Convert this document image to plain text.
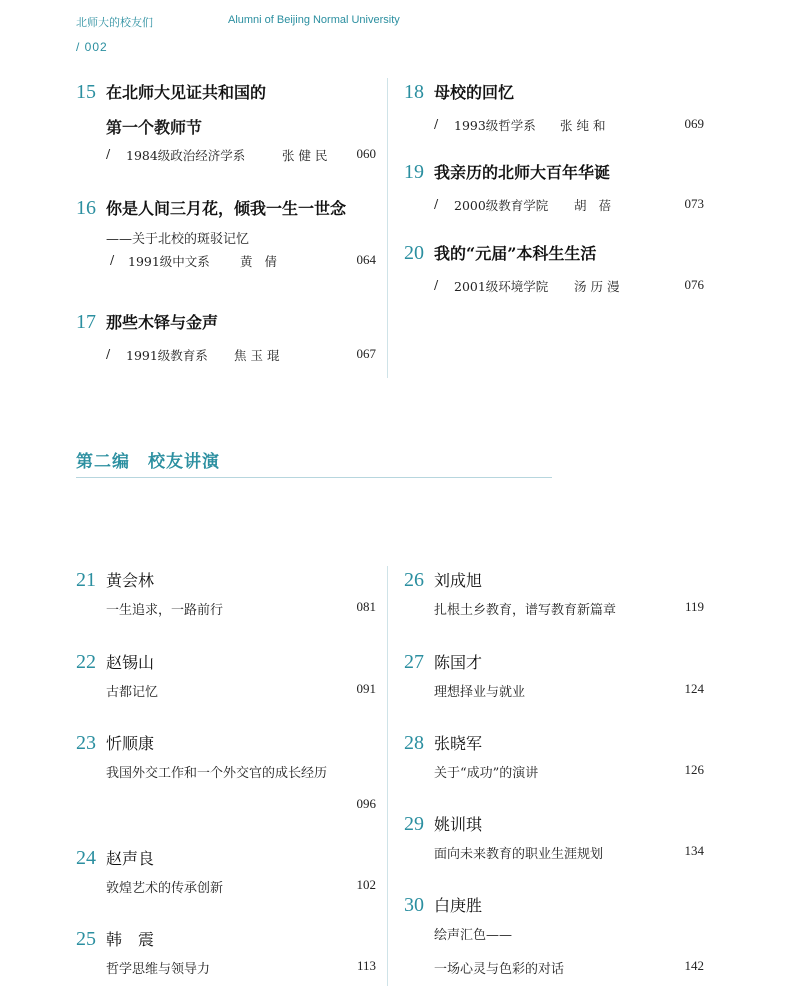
北师大的校友们	Alumni of Beijing Normal University
/ 002
15 在北师大见证共和国的
第一个教师节
/ 1984级政治经济学系	张健民 060
16 你是人间三月花，倾我一生一世念
——关于北校的斑驳记忆
/ 1991级中文系 黄 倩	064
17 那些木铎与金声
/ 1991级教育系 焦玉琨	067
18 母校的回忆
/ 1993级哲学系 张纯和	069
19 我亲历的北师大百年华诞
/ 2000级教育学院 胡 蓓	073
20 我的“元届”本科生生活
/ 2001级环境学院 汤历漫	076
第二编　校友讲演
21 黄会林
一生追求，一路前行	081
22 赵锡山
古都记忆	091
23 忻顺康
我国外交工作和一个外交官的成长经历
096
24 赵声良
敦煌艺术的传承创新	102
25 韩　震
哲学思维与领导力	113
26 刘成旭
扎根土乡教育，谱写教育新篇章	119
27 陈国才
理想择业与就业	124
28 张晓军
关于“成功”的演讲	126
29 姚训琪
面向未来教育的职业生涯规划	134
30 白庚胜
绘声汇色——
一场心灵与色彩的对话	142
